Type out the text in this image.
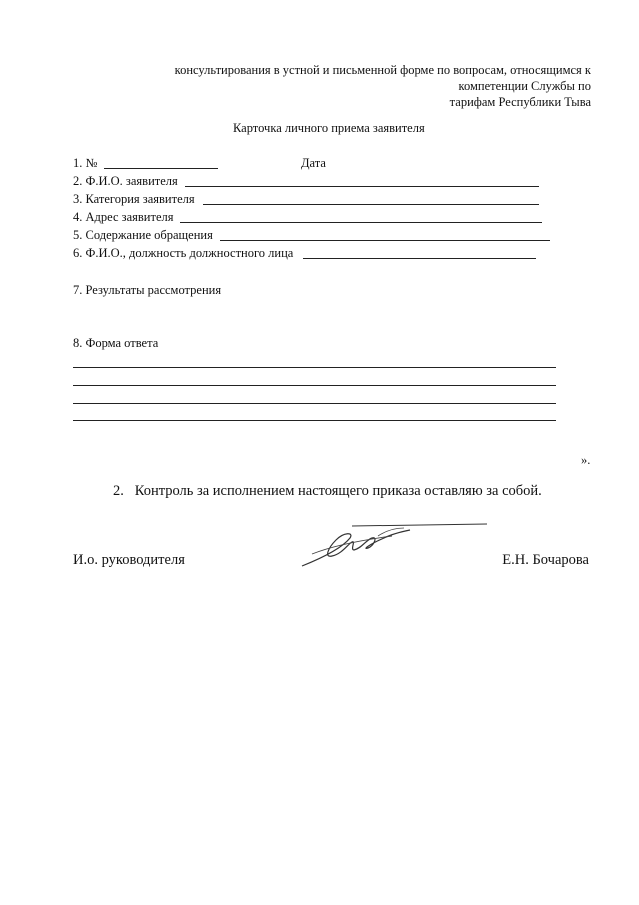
консультирования в устной и письменной форме по вопросам, относящимся к
компетенции Службы по
тарифам Республики Тыва
Карточка личного приема заявителя
1. №	Дата
2. Ф.И.О. заявителя
3. Категория заявителя
4. Адрес заявителя
5. Содержание обращения
6. Ф.И.О., должность должностного лица
7. Результаты рассмотрения
8. Форма ответа
».
2.   Контроль за исполнением настоящего приказа оставляю за собой.
И.о. руководителя	Е.Н. Бочарова
